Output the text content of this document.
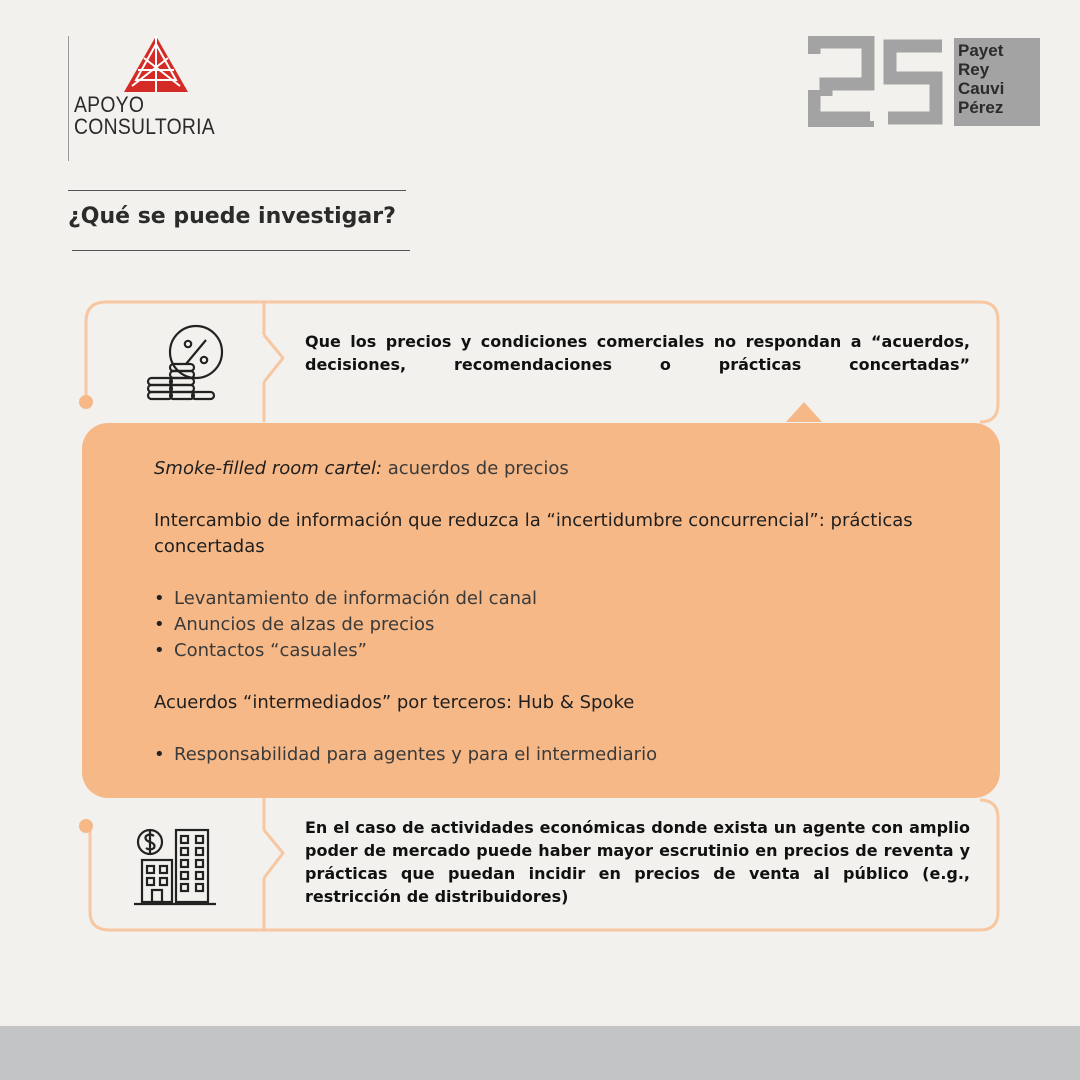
APOYO
CONSULTORIA
Payet
Rey
Cauvi
Pérez
¿Qué se puede investigar?
Que los precios y condiciones comerciales no respondan a “acuerdos, decisiones, recomendaciones o prácticas concertadas”

Smoke-filled room cartel: acuerdos de precios

Intercambio de información que reduzca la “incertidumbre concurrencial”: prácticas concertadas

• Levantamiento de información del canal
• Anuncios de alzas de precios
• Contactos “casuales”

Acuerdos “intermediados” por terceros: Hub & Spoke

• Responsabilidad para agentes y para el intermediario
En el caso de actividades económicas donde exista un agente con amplio poder de mercado puede haber mayor escrutinio en precios de reventa y prácticas que puedan incidir en precios de venta al público (e.g., restricción de distribuidores)
